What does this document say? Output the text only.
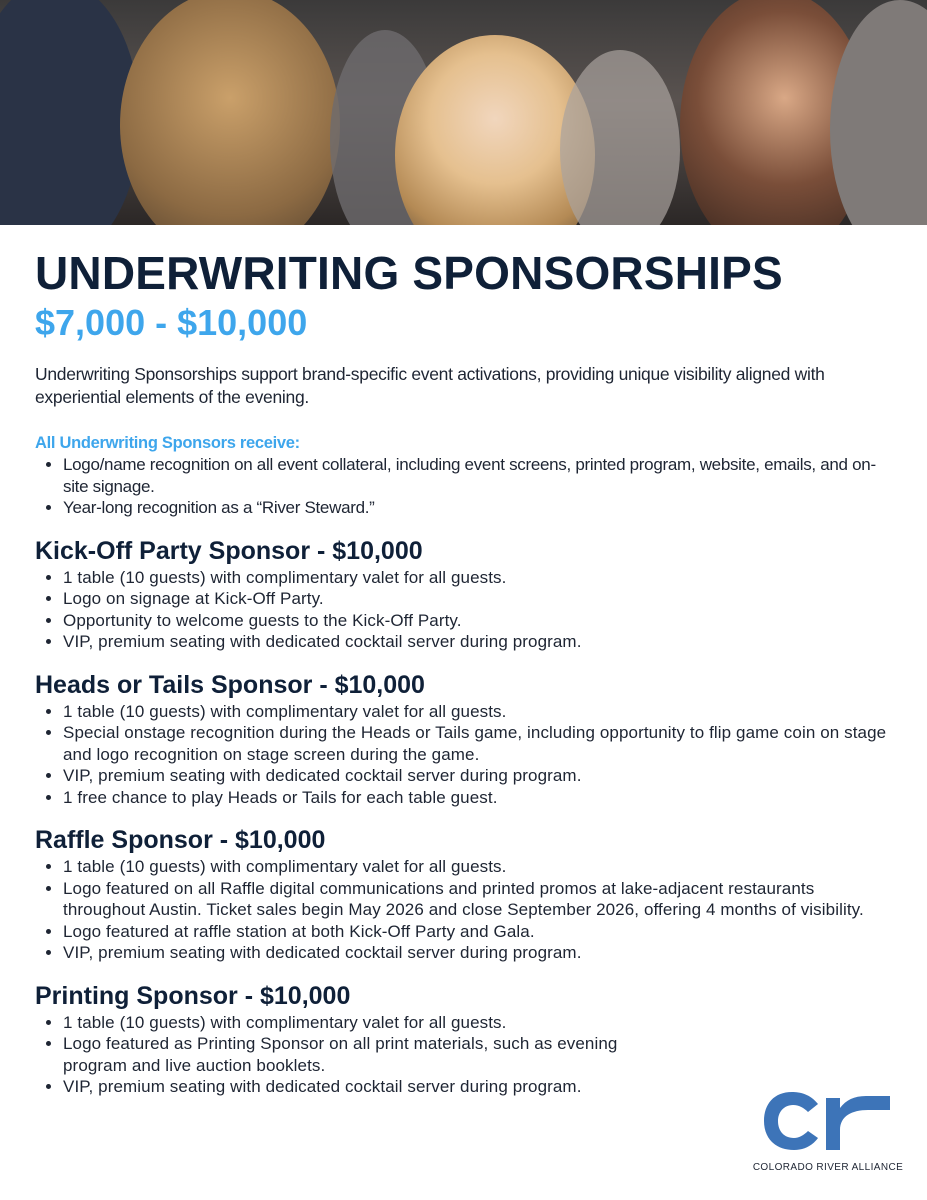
UNDERWRITING SPONSORSHIPS

$7,000 - $10,000

Underwriting Sponsorships support brand-specific event activations, providing unique visibility aligned with experiential elements of the evening.

All Underwriting Sponsors receive:

• Logo/name recognition on all event collateral, including event screens, printed program, website, emails, and on-site signage.
• Year-long recognition as a “River Steward.”
Kick-Off Party Sponsor - $10,000
• 1 table (10 guests) with complimentary valet for all guests.
• Logo on signage at Kick-Off Party.
• Opportunity to welcome guests to the Kick-Off Party.
• VIP, premium seating with dedicated cocktail server during program.
Heads or Tails Sponsor - $10,000
• 1 table (10 guests) with complimentary valet for all guests.
• Special onstage recognition during the Heads or Tails game, including opportunity to flip game coin on stage and logo recognition on stage screen during the game.
• VIP, premium seating with dedicated cocktail server during program.
• 1 free chance to play Heads or Tails for each table guest.
Raffle Sponsor - $10,000
• 1 table (10 guests) with complimentary valet for all guests.
• Logo featured on all Raffle digital communications and printed promos at lake-adjacent restaurants throughout Austin. Ticket sales begin May 2026 and close September 2026, offering 4 months of visibility.
• Logo featured at raffle station at both Kick-Off Party and Gala.
• VIP, premium seating with dedicated cocktail server during program.
Printing Sponsor - $10,000
• 1 table (10 guests) with complimentary valet for all guests.
• Logo featured as Printing Sponsor on all print materials, such as evening program and live auction booklets.
• VIP, premium seating with dedicated cocktail server during program.
COLORADO RIVER ALLIANCE
